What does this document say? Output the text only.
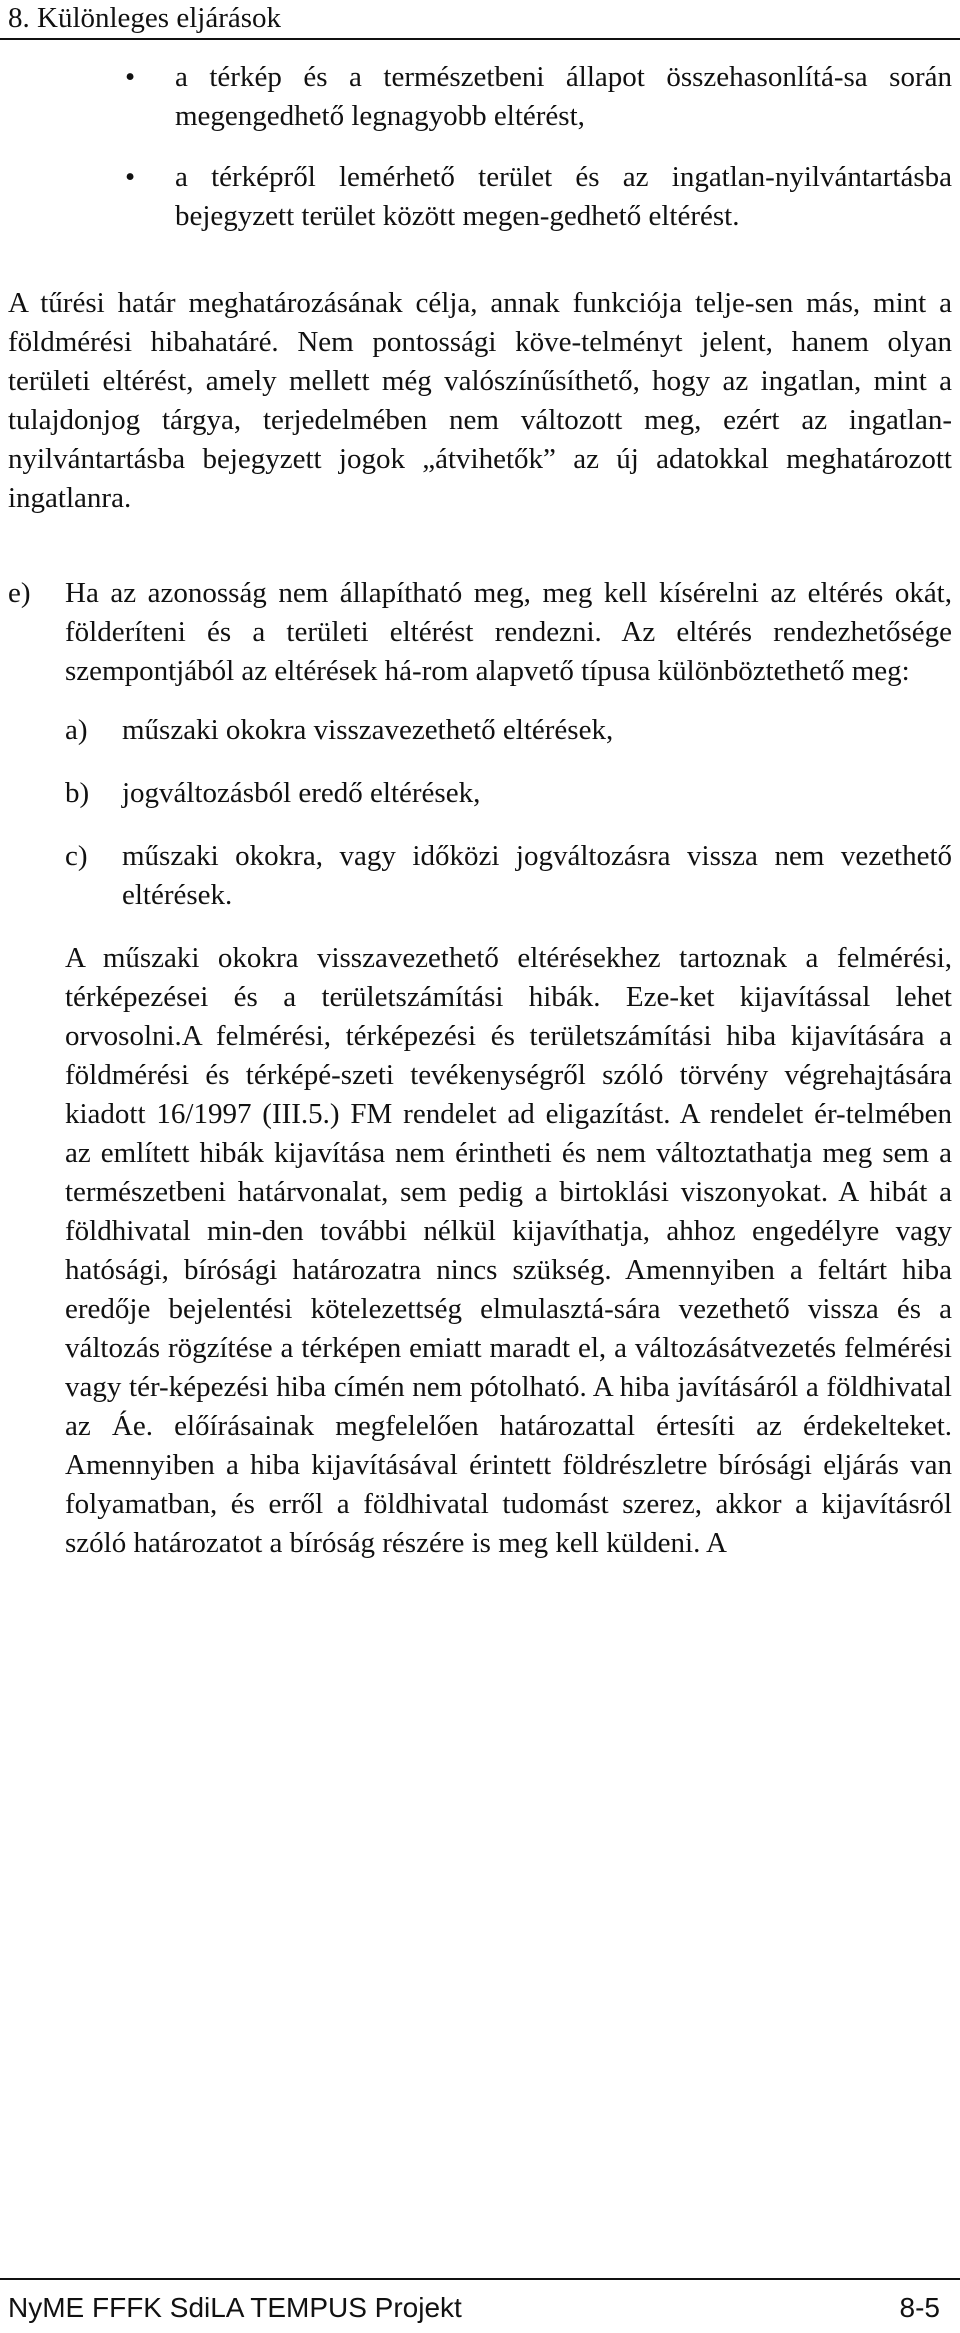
8. Különleges eljárások
• a térkép és a természetbeni állapot összehasonlítá-sa során megengedhető legnagyobb eltérést,
• a térképről lemérhető terület és az ingatlan-nyilvántartásba bejegyzett terület között megen-gedhető eltérést.

A tűrési határ meghatározásának célja, annak funkciója telje-sen más, mint a földmérési hibahatáré. Nem pontossági köve-telményt jelent, hanem olyan területi eltérést, amely mellett még valószínűsíthető, hogy az ingatlan, mint a tulajdonjog tárgya, terjedelmében nem változott meg, ezért az ingatlan-nyilvántartásba bejegyzett jogok „átvihetők” az új adatokkal meghatározott ingatlanra.

e) Ha az azonosság nem állapítható meg, meg kell kísérelni az eltérés okát, földeríteni és a területi eltérést rendezni. Az eltérés rendezhetősége szempontjából az eltérések há-rom alapvető típusa különböztethető meg:

a) műszaki okokra visszavezethető eltérések,
b) jogváltozásból eredő eltérések,
c) műszaki okokra, vagy időközi jogváltozásra vissza nem vezethető eltérések.

A műszaki okokra visszavezethető eltérésekhez tartoznak a felmérési, térképezései és a területszámítási hibák. Eze-ket kijavítással lehet orvosolni.A felmérési, térképezési és területszámítási hiba kijavítására a földmérési és térképé-szeti tevékenységről szóló törvény végrehajtására kiadott 16/1997 (III.5.) FM rendelet ad eligazítást. A rendelet ér-telmében az említett hibák kijavítása nem érintheti és nem változtathatja meg sem a természetbeni határvonalat, sem pedig a birtoklási viszonyokat. A hibát a földhivatal min-den további nélkül kijavíthatja, ahhoz engedélyre vagy hatósági, bírósági határozatra nincs szükség. Amennyiben a feltárt hiba eredője bejelentési kötelezettség elmulasztá-sára vezethető vissza és a változás rögzítése a térképen emiatt maradt el, a változásátvezetés felmérési vagy tér-képezési hiba címén nem pótolható. A hiba javításáról a földhivatal az Áe. előírásainak megfelelően határozattal értesíti az érdekelteket. Amennyiben a hiba kijavításával érintett földrészletre bírósági eljárás van folyamatban, és erről a földhivatal tudomást szerez, akkor a kijavításról szóló határozatot a bíróság részére is meg kell küldeni. A

NyME FFFK SdiLA TEMPUS Projekt	8-5
